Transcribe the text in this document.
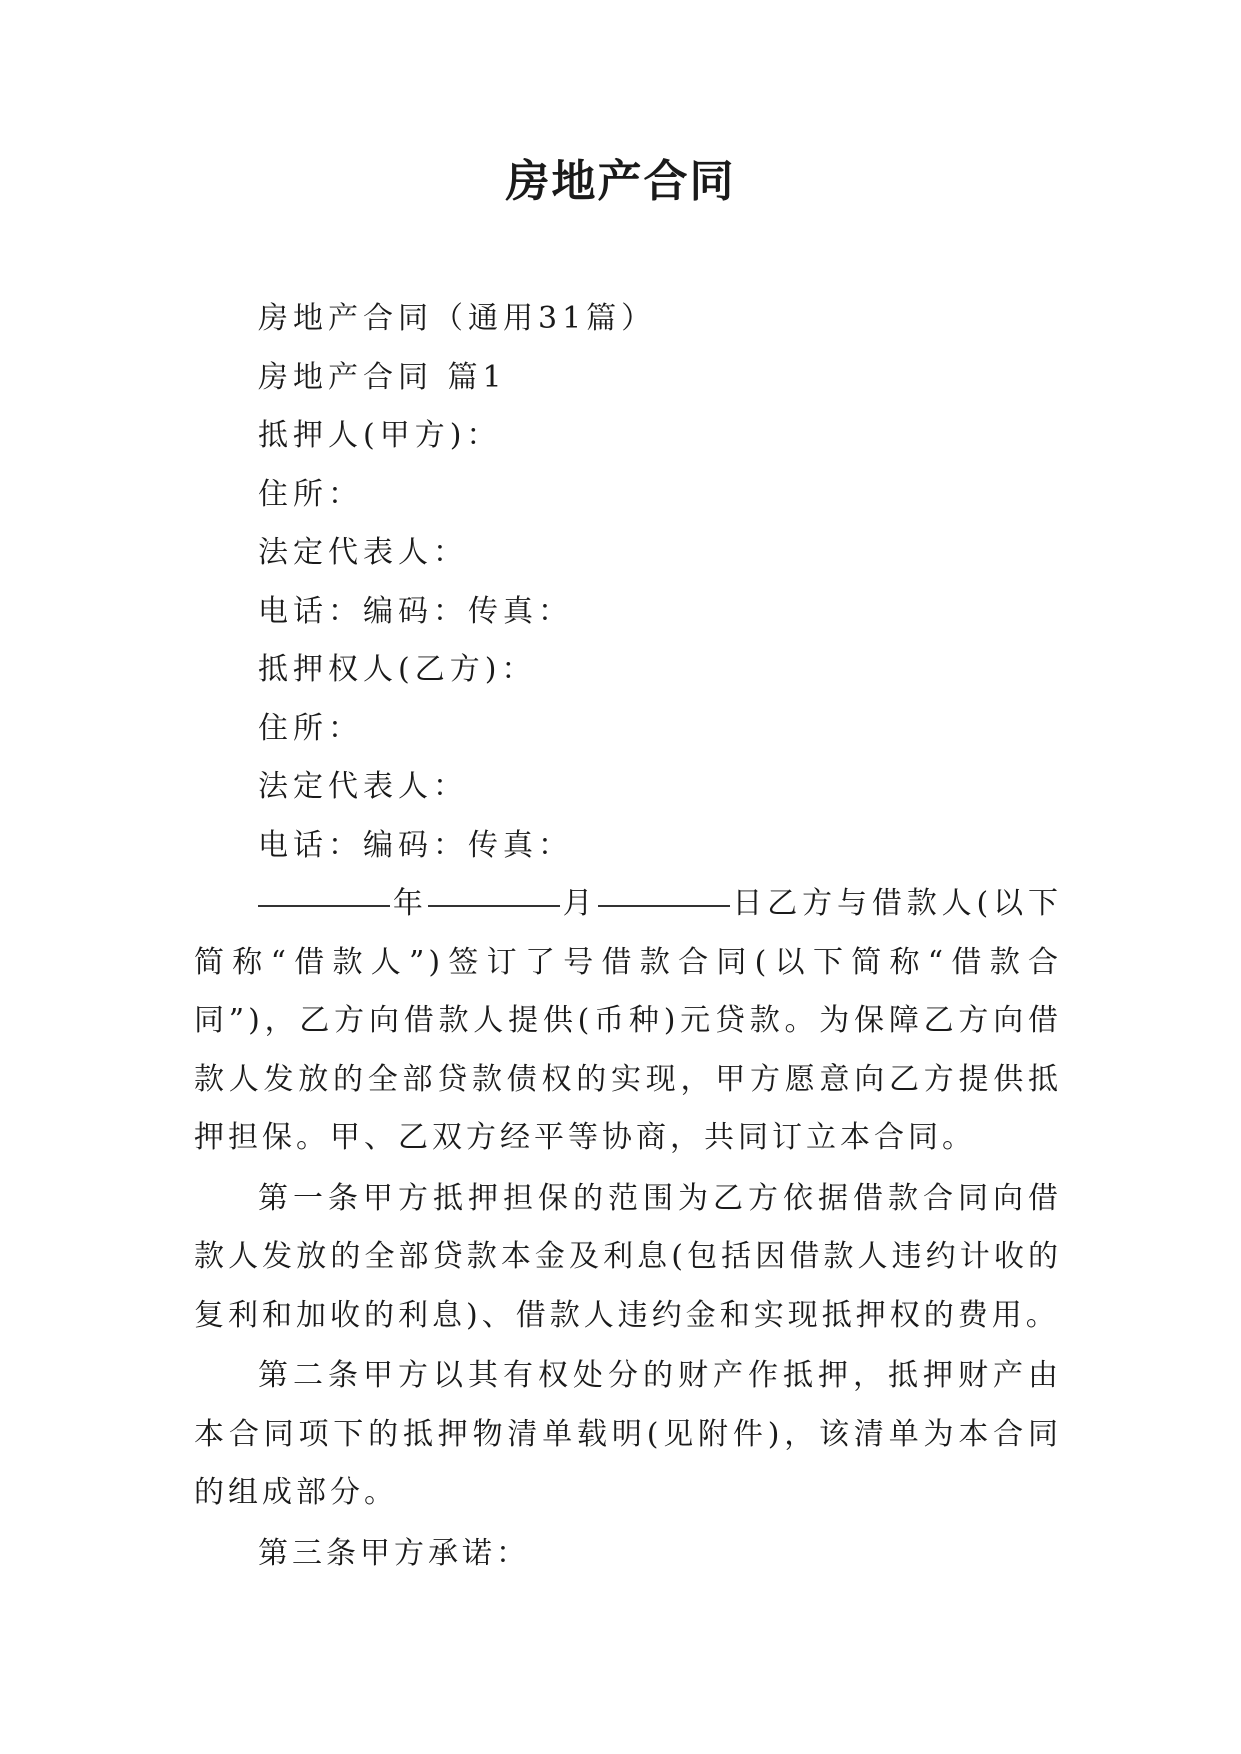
房地产合同

房地产合同（通用31篇）

房地产合同 篇1

抵押人(甲方)：

住所：

法定代表人：

电话：编码：传真：

抵押权人(乙方)：

住所：

法定代表人：

电话：编码：传真：

年	月	日乙方与借款人(以下简称“借款人”)签订了号借款合同(以下简称“借款合同”)，乙方向借款人提供(币种)元贷款。为保障乙方向借款人发放的全部贷款债权的实现，甲方愿意向乙方提供抵押担保。甲、乙双方经平等协商，共同订立本合同。

第一条甲方抵押担保的范围为乙方依据借款合同向借款人发放的全部贷款本金及利息(包括因借款人违约计收的复利和加收的利息)、借款人违约金和实现抵押权的费用。

第二条甲方以其有权处分的财产作抵押，抵押财产由本合同项下的抵押物清单载明(见附件)，该清单为本合同的组成部分。

第三条甲方承诺：
